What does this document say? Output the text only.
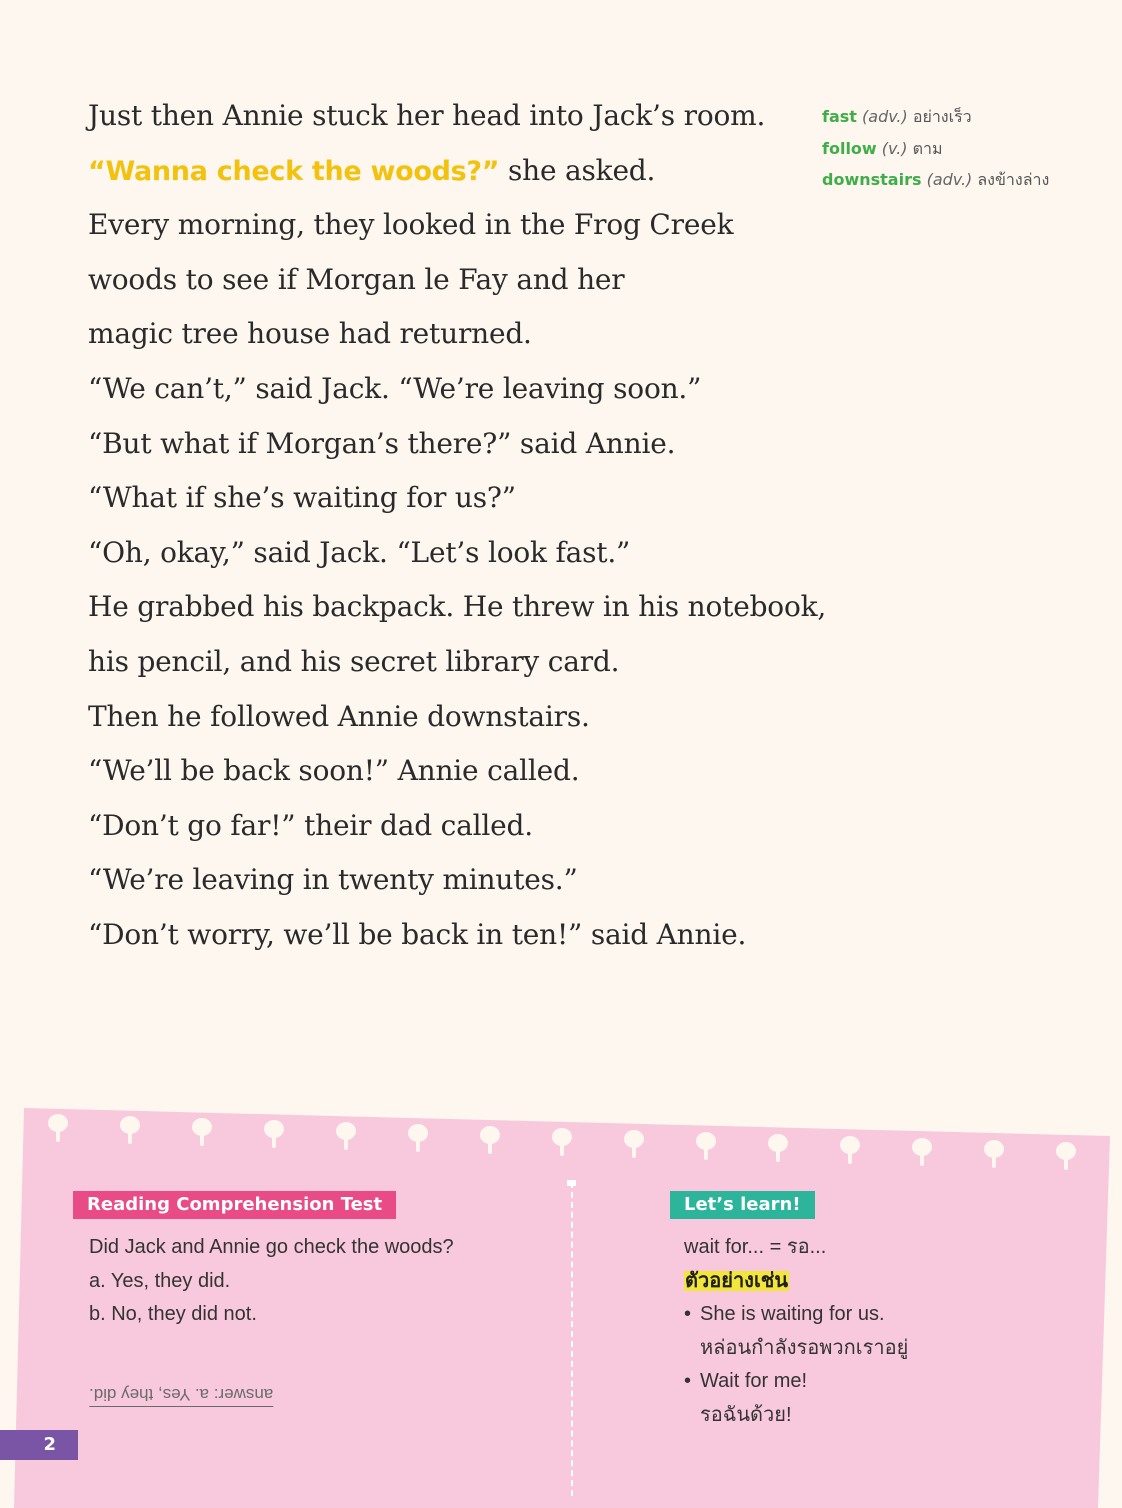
Just then Annie stuck her head into Jack’s room.
“Wanna check the woods?” she asked.
Every morning, they looked in the Frog Creek
woods to see if Morgan le Fay and her
magic tree house had returned.
“We can’t,” said Jack. “We’re leaving soon.”
“But what if Morgan’s there?” said Annie.
“What if she’s waiting for us?”
“Oh, okay,” said Jack. “Let’s look fast.”
He grabbed his backpack. He threw in his notebook,
his pencil, and his secret library card.
Then he followed Annie downstairs.
“We’ll be back soon!” Annie called.
“Don’t go far!” their dad called.
“We’re leaving in twenty minutes.”
“Don’t worry, we’ll be back in ten!” said Annie.
fast (adv.) อย่างเร็ว
follow (v.) ตาม
downstairs (adv.) ลงข้างล่าง
Reading Comprehension Test
Did Jack and Annie go check the woods?
a. Yes, they did.
b. No, they did not.
answer: a. Yes, they did.
Let’s learn!
wait for... = รอ...
ตัวอย่างเช่น
• She is waiting for us.
หล่อนกำลังรอพวกเราอยู่
• Wait for me!
รอฉันด้วย!
2
